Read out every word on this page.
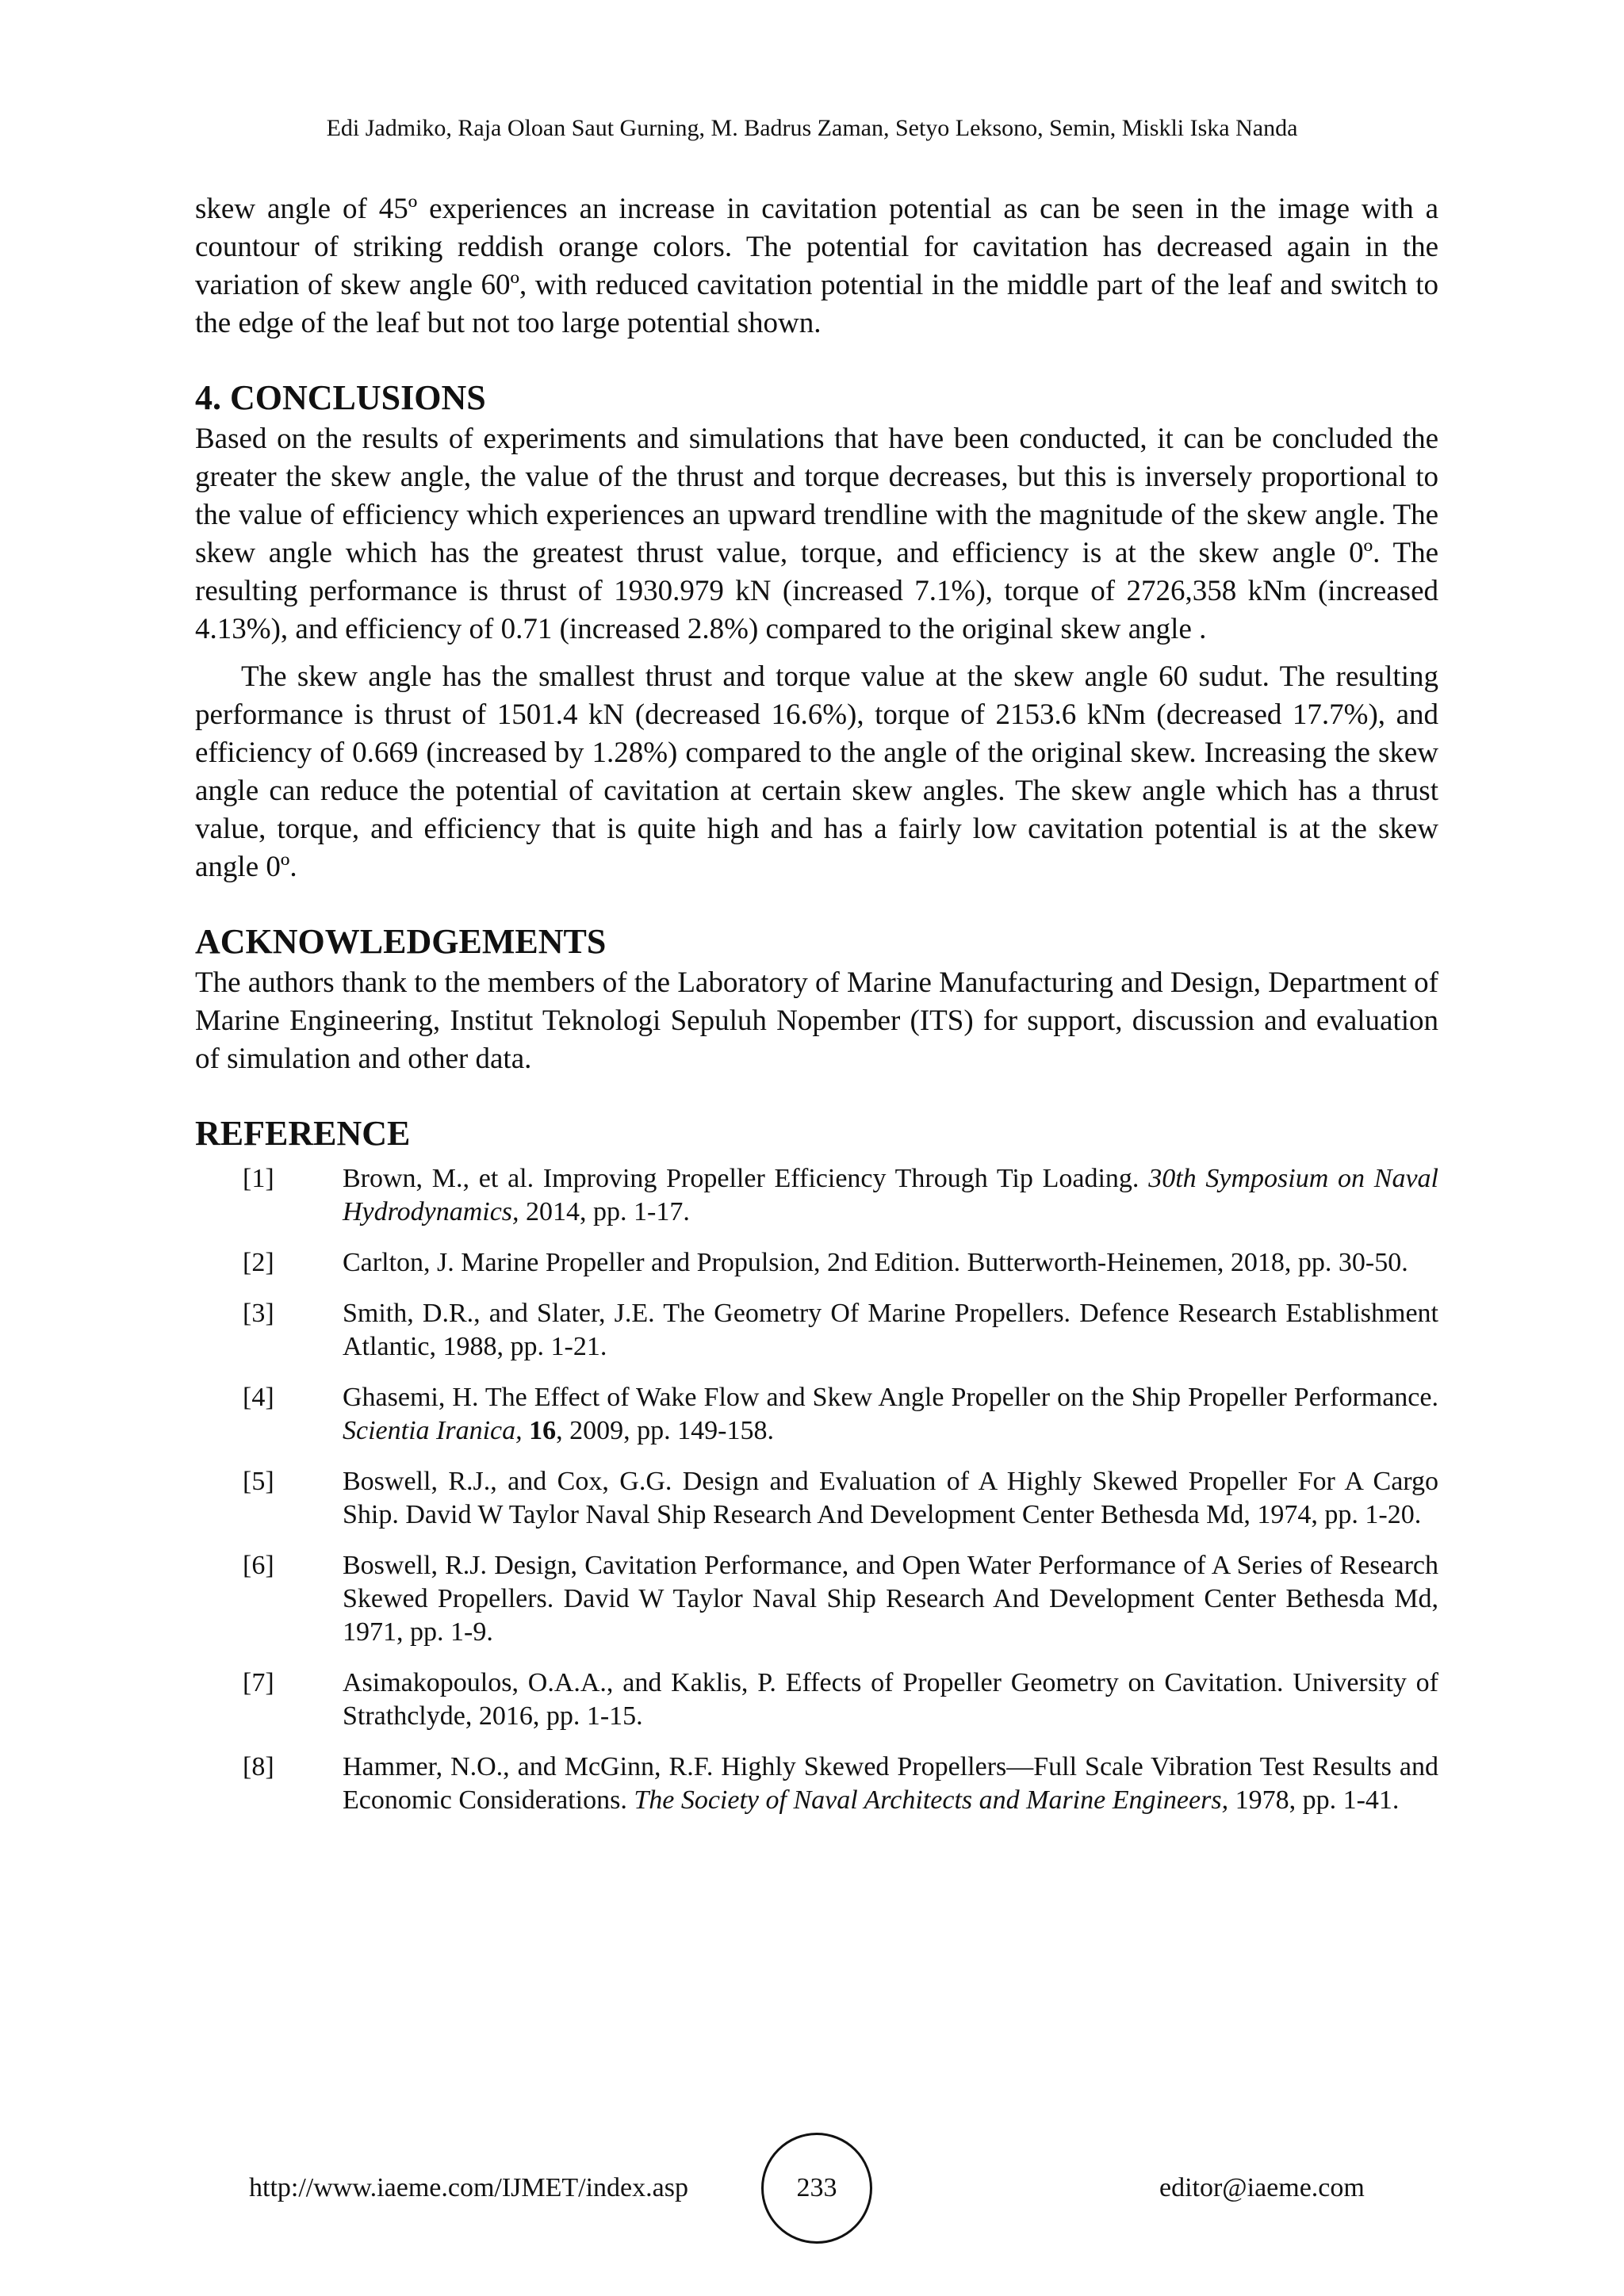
Edi Jadmiko, Raja Oloan Saut Gurning, M. Badrus Zaman, Setyo Leksono, Semin, Miskli Iska Nanda

skew angle of 45º experiences an increase in cavitation potential as can be seen in the image with a countour of striking reddish orange colors. The potential for cavitation has decreased again in the variation of skew angle 60º, with reduced cavitation potential in the middle part of the leaf and switch to the edge of the leaf but not too large potential shown.

4. CONCLUSIONS

Based on the results of experiments and simulations that have been conducted, it can be concluded the greater the skew angle, the value of the thrust and torque decreases, but this is inversely proportional to the value of efficiency which experiences an upward trendline with the magnitude of the skew angle. The skew angle which has the greatest thrust value, torque, and efficiency is at the skew angle 0º. The resulting performance is thrust of 1930.979 kN (increased 7.1%), torque of 2726,358 kNm (increased 4.13%), and efficiency of 0.71 (increased 2.8%) compared to the original skew angle .

The skew angle has the smallest thrust and torque value at the skew angle 60 sudut. The resulting performance is thrust of 1501.4 kN (decreased 16.6%), torque of 2153.6 kNm (decreased 17.7%), and efficiency of 0.669 (increased by 1.28%) compared to the angle of the original skew. Increasing the skew angle can reduce the potential of cavitation at certain skew angles. The skew angle which has a thrust value, torque, and efficiency that is quite high and has a fairly low cavitation potential is at the skew angle 0º.

ACKNOWLEDGEMENTS

The authors thank to the members of the Laboratory of Marine Manufacturing and Design, Department of Marine Engineering, Institut Teknologi Sepuluh Nopember (ITS) for support, discussion and evaluation of simulation and other data.

REFERENCE
[1]	Brown, M., et al. Improving Propeller Efficiency Through Tip Loading. 30th Symposium on Naval Hydrodynamics, 2014, pp. 1-17.
[2]	Carlton, J. Marine Propeller and Propulsion, 2nd Edition. Butterworth-Heinemen, 2018, pp. 30-50.
[3]	Smith, D.R., and Slater, J.E. The Geometry Of Marine Propellers. Defence Research Establishment Atlantic, 1988, pp. 1-21.
[4]	Ghasemi, H. The Effect of Wake Flow and Skew Angle Propeller on the Ship Propeller Performance. Scientia Iranica, 16, 2009, pp. 149-158.
[5]	Boswell, R.J., and Cox, G.G. Design and Evaluation of A Highly Skewed Propeller For A Cargo Ship. David W Taylor Naval Ship Research And Development Center Bethesda Md, 1974, pp. 1-20.
[6]	Boswell, R.J. Design, Cavitation Performance, and Open Water Performance of A Series of Research Skewed Propellers. David W Taylor Naval Ship Research And Development Center Bethesda Md, 1971, pp. 1-9.
[7]	Asimakopoulos, O.A.A., and Kaklis, P. Effects of Propeller Geometry on Cavitation. University of Strathclyde, 2016, pp. 1-15.
[8]	Hammer, N.O., and McGinn, R.F. Highly Skewed Propellers—Full Scale Vibration Test Results and Economic Considerations. The Society of Naval Architects and Marine Engineers, 1978, pp. 1-41.
http://www.iaeme.com/IJMET/index.asp	233	editor@iaeme.com
